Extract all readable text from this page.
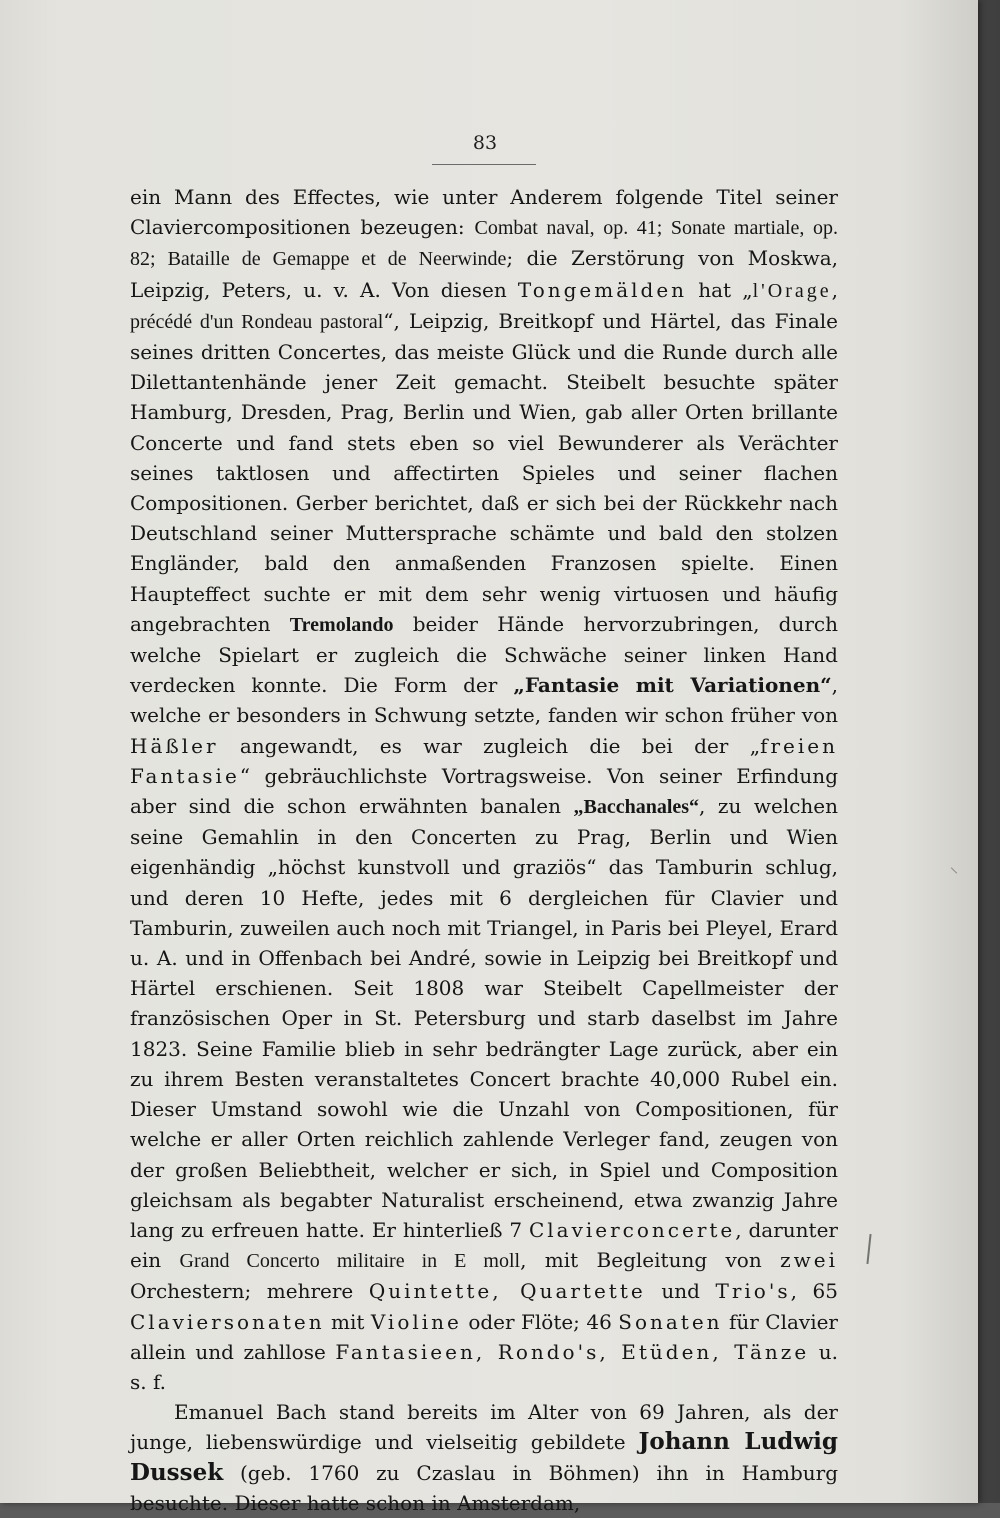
83

ein Mann des Effectes, wie unter Anderem folgende Titel seiner Claviercompositionen bezeugen: Combat naval, op. 41; Sonate martiale, op. 82; Bataille de Gemappe et de Neerwinde; die Zerstörung von Moskwa, Leipzig, Peters, u. v. A. Von diesen Tongemälden hat „l'Orage, précédé d'un Rondeau pastoral“, Leipzig, Breitkopf und Härtel, das Finale seines dritten Concertes, das meiste Glück und die Runde durch alle Dilettantenhände jener Zeit gemacht. Steibelt besuchte später Hamburg, Dresden, Prag, Berlin und Wien, gab aller Orten brillante Concerte und fand stets eben so viel Bewunderer als Verächter seines taktlosen und affectirten Spieles und seiner flachen Compositionen. Gerber berichtet, daß er sich bei der Rückkehr nach Deutschland seiner Muttersprache schämte und bald den stolzen Engländer, bald den anmaßenden Franzosen spielte. Einen Haupteffect suchte er mit dem sehr wenig virtuosen und häufig angebrachten Tremolando beider Hände hervorzubringen, durch welche Spielart er zugleich die Schwäche seiner linken Hand verdecken konnte. Die Form der „Fantasie mit Variationen“, welche er besonders in Schwung setzte, fanden wir schon früher von Häßler angewandt, es war zugleich die bei der „freien Fantasie“ gebräuchlichste Vortragsweise. Von seiner Erfindung aber sind die schon erwähnten banalen „Bacchanales“, zu welchen seine Gemahlin in den Concerten zu Prag, Berlin und Wien eigenhändig „höchst kunstvoll und graziös“ das Tamburin schlug, und deren 10 Hefte, jedes mit 6 dergleichen für Clavier und Tamburin, zuweilen auch noch mit Triangel, in Paris bei Pleyel, Erard u. A. und in Offenbach bei André, sowie in Leipzig bei Breitkopf und Härtel erschienen. Seit 1808 war Steibelt Capellmeister der französischen Oper in St. Petersburg und starb daselbst im Jahre 1823. Seine Familie blieb in sehr bedrängter Lage zurück, aber ein zu ihrem Besten veranstaltetes Concert brachte 40,000 Rubel ein. Dieser Umstand sowohl wie die Unzahl von Compositionen, für welche er aller Orten reichlich zahlende Verleger fand, zeugen von der großen Beliebtheit, welcher er sich, in Spiel und Composition gleichsam als begabter Naturalist erscheinend, etwa zwanzig Jahre lang zu erfreuen hatte. Er hinterließ 7 Clavierconcerte, darunter ein Grand Concerto militaire in E moll, mit Begleitung von zwei Orchestern; mehrere Quintette, Quartette und Trio's, 65 Claviersonaten mit Violine oder Flöte; 46 Sonaten für Clavier allein und zahllose Fantasieen, Rondo's, Etüden, Tänze u. s. f.

Emanuel Bach stand bereits im Alter von 69 Jahren, als der junge, liebenswürdige und vielseitig gebildete Johann Ludwig Dussek (geb. 1760 zu Czaslau in Böhmen) ihn in Hamburg besuchte. Dieser hatte schon in Amsterdam,
